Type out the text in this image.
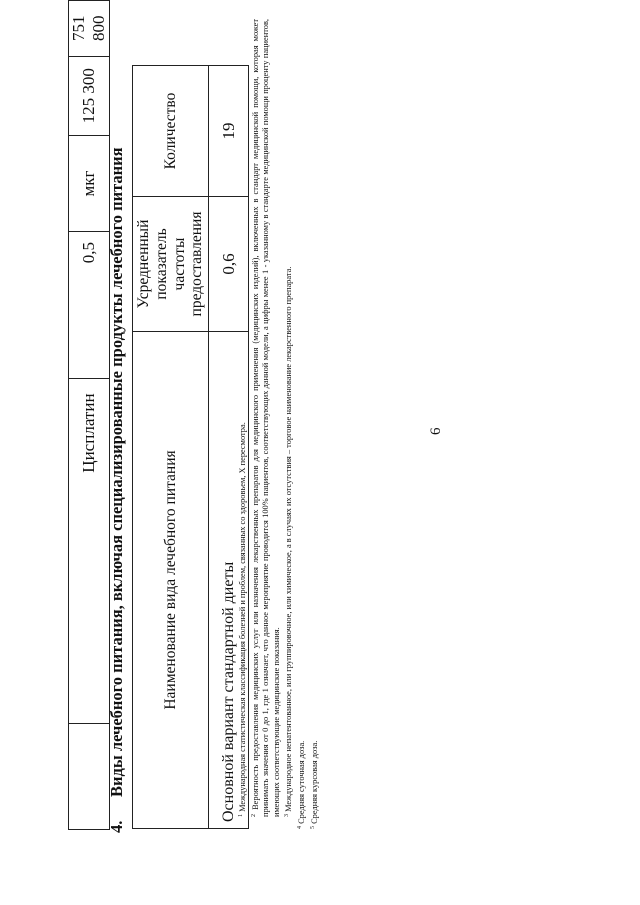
6
	Цисплатин	0,5	мкг	125 300	751 800
4.Виды лечебного питания, включая специализированные продукты лечебного питания Наименование вида лечебного питания	Усредненный показатель частоты предоставления	Количество
Основной вариант стандартной диеты	0,6	19

$^1$ Международная статистическая классификация болезней и проблем, связанных со здоровьем, X пересмотра.

$^2$ Вероятность предоставления медицинских услуг или назначения лекарственных препаратов для медицинского применения (медицинских изделий), включенных в стандарт медицинской помощи, которая может принимать значения от 0 до 1, где 1 означает, что данное мероприятие проводится 100% пациентов, соответствующих данной модели, а цифры менее 1 - указанному в стандарте медицинской помощи проценту пациентов, имеющих соответствующие медицинские показания. $^3$ Международное непатентованное, или группировочное, или химическое, а в случаях их отсутствия – торговое наименование лекарственного препарата.

$^4$ Средняя суточная доза.

$^5$ Средняя курсовая доза.
